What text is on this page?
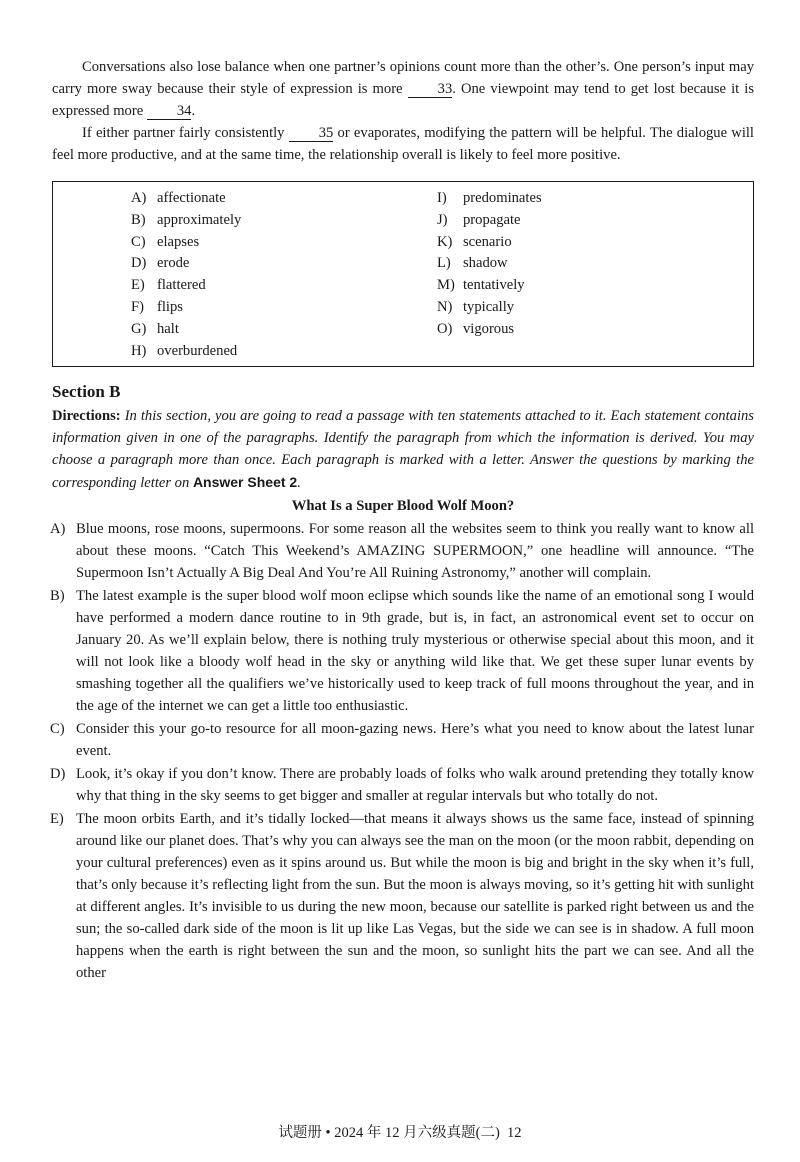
Conversations also lose balance when one partner’s opinions count more than the other’s. One person’s input may carry more sway because their style of expression is more 33. One viewpoint may tend to get lost because it is expressed more 34.

If either partner fairly consistently 35 or evaporates, modifying the pattern will be helpful. The dialogue will feel more productive, and at the same time, the relationship overall is likely to feel more positive.

A) affectionate
B) approximately
C) elapses
D) erode
E) flattered
F) flips
G) halt
H) overburdened
I) predominates
J) propagate
K) scenario
L) shadow
M) tentatively
N) typically
O) vigorous
Section B

Directions: In this section, you are going to read a passage with ten statements attached to it. Each statement contains information given in one of the paragraphs. Identify the paragraph from which the information is derived. You may choose a paragraph more than once. Each paragraph is marked with a letter. Answer the questions by marking the corresponding letter on Answer Sheet 2.

What Is a Super Blood Wolf Moon?
A) Blue moons, rose moons, supermoons. For some reason all the websites seem to think you really want to know all about these moons. “Catch This Weekend’s AMAZING SUPERMOON,” one headline will announce. “The Supermoon Isn’t Actually A Big Deal And You’re All Ruining Astronomy,” another will complain.
B) The latest example is the super blood wolf moon eclipse which sounds like the name of an emotional song I would have performed a modern dance routine to in 9th grade, but is, in fact, an astronomical event set to occur on January 20. As we’ll explain below, there is nothing truly mysterious or otherwise special about this moon, and it will not look like a bloody wolf head in the sky or anything wild like that. We get these super lunar events by smashing together all the qualifiers we’ve historically used to keep track of full moons throughout the year, and in the age of the internet we can get a little too enthusiastic.
C) Consider this your go-to resource for all moon-gazing news. Here’s what you need to know about the latest lunar event.
D) Look, it’s okay if you don’t know. There are probably loads of folks who walk around pretending they totally know why that thing in the sky seems to get bigger and smaller at regular intervals but who totally do not.
E) The moon orbits Earth, and it’s tidally locked—that means it always shows us the same face, instead of spinning around like our planet does. That’s why you can always see the man on the moon (or the moon rabbit, depending on your cultural preferences) even as it spins around us. But while the moon is big and bright in the sky when it’s full, that’s only because it’s reflecting light from the sun. But the moon is always moving, so it’s getting hit with sunlight at different angles. It’s invisible to us during the new moon, because our satellite is parked right between us and the sun; the so-called dark side of the moon is lit up like Las Vegas, but the side we can see is in shadow. A full moon happens when the earth is right between the sun and the moon, so sunlight hits the part we can see. And all the other
试题册 • 2024 年 12 月六级真题(二) 12
